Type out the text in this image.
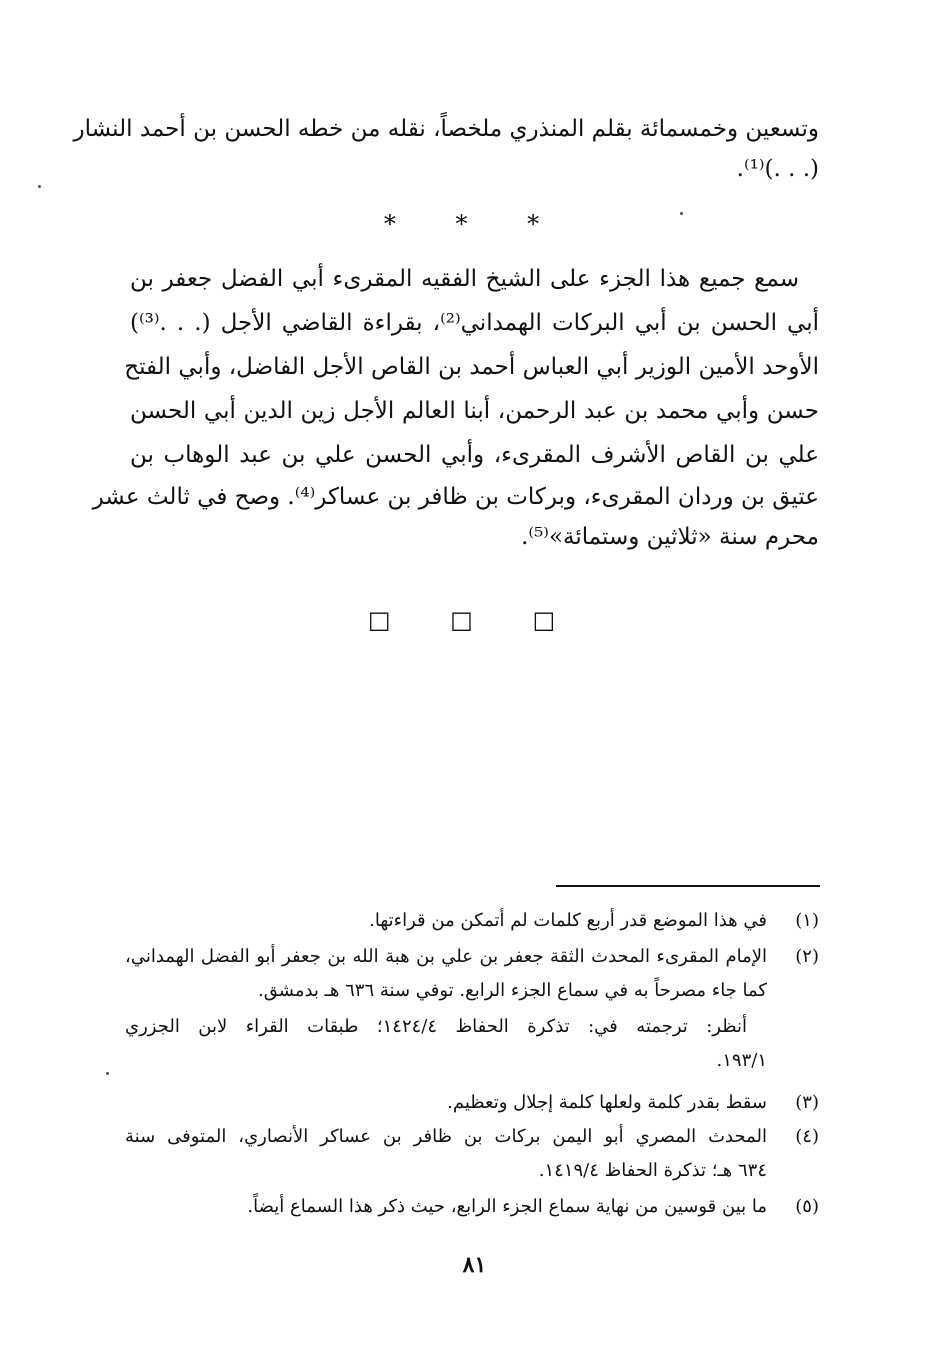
وتسعين وخمسمائة بقلم المنذري ملخصاً، نقله من خطه الحسن بن أحمد النشار
(. . .)⁽¹⁾.
* * *
سمع جميع هذا الجزء على الشيخ الفقيه المقرىء أبي الفضل جعفر بن
أبي الحسن بن أبي البركات الهمداني⁽²⁾، بقراءة القاضي الأجل (. . .⁽³⁾)
الأوحد الأمين الوزير أبي العباس أحمد بن القاص الأجل الفاضل، وأبي الفتح
حسن وأبي محمد بن عبد الرحمن، أبنا العالم الأجل زين الدين أبي الحسن
علي بن القاص الأشرف المقرىء، وأبي الحسن علي بن عبد الوهاب بن
عتيق بن وردان المقرىء، وبركات بن ظافر بن عساكر⁽⁴⁾. وصح في ثالث عشر
محرم سنة «ثلاثين وستمائة»⁽⁵⁾.
□ □ □
(١)
في هذا الموضع قدر أربع كلمات لم أتمكن من قراءتها.
(٢)
الإمام المقرىء المحدث الثقة جعفر بن علي بن هبة الله بن جعفر أبو الفضل الهمداني،
كما جاء مصرحاً به في سماع الجزء الرابع. توفي سنة ٦٣٦ هـ بدمشق.
أنظر: ترجمته في: تذكرة الحفاظ ١٤٢٤/٤؛ طبقات القراء لابن الجزري
١٩٣/١.
(٣)
سقط بقدر كلمة ولعلها كلمة إجلال وتعظيم.
(٤)
المحدث المصري أبو اليمن بركات بن ظافر بن عساكر الأنصاري، المتوفى سنة
٦٣٤ هـ؛ تذكرة الحفاظ ١٤١٩/٤.
(٥)
ما بين قوسين من نهاية سماع الجزء الرابع، حيث ذكر هذا السماع أيضاً.
٨١
